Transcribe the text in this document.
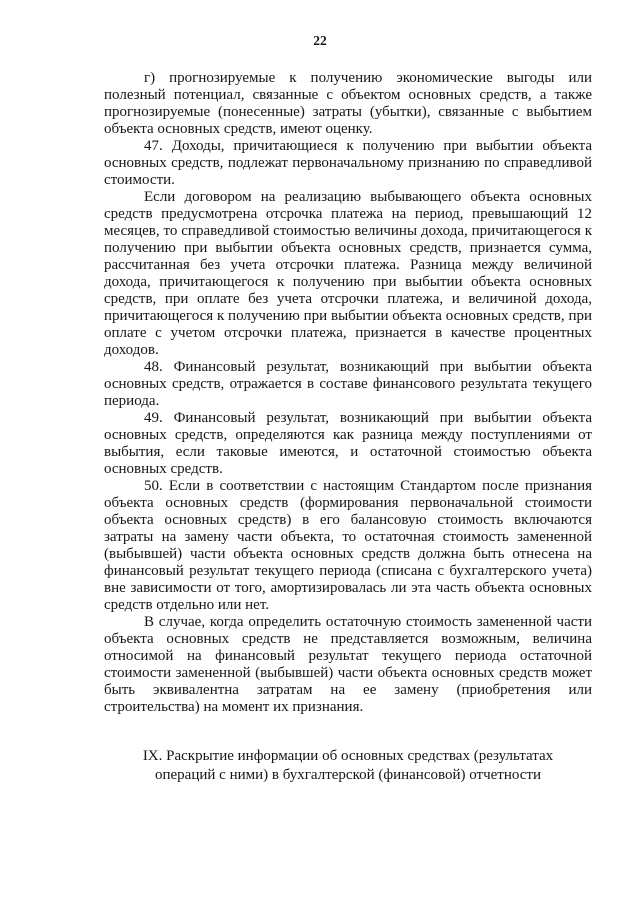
22

г) прогнозируемые к получению экономические выгоды или полезный потенциал, связанные с объектом основных средств, а также прогнозируемые (понесенные) затраты (убытки), связанные с выбытием объекта основных средств, имеют оценку.

47. Доходы, причитающиеся к получению при выбытии объекта основных средств, подлежат первоначальному признанию по справедливой стоимости.

Если договором на реализацию выбывающего объекта основных средств предусмотрена отсрочка платежа на период, превышающий 12 месяцев, то справедливой стоимостью величины дохода, причитающегося к получению при выбытии объекта основных средств, признается сумма, рассчитанная без учета отсрочки платежа. Разница между величиной дохода, причитающегося к получению при выбытии объекта основных средств, при оплате без учета отсрочки платежа, и величиной дохода, причитающегося к получению при выбытии объекта основных средств, при оплате с учетом отсрочки платежа, признается в качестве процентных доходов.

48. Финансовый результат, возникающий при выбытии объекта основных средств, отражается в составе финансового результата текущего периода.

49. Финансовый результат, возникающий при выбытии объекта основных средств, определяются как разница между поступлениями от выбытия, если таковые имеются, и остаточной стоимостью объекта основных средств.

50. Если в соответствии с настоящим Стандартом после признания объекта основных средств (формирования первоначальной стоимости объекта основных средств) в его балансовую стоимость включаются затраты на замену части объекта, то остаточная стоимость замененной (выбывшей) части объекта основных средств должна быть отнесена на финансовый результат текущего периода (списана с бухгалтерского учета) вне зависимости от того, амортизировалась ли эта часть объекта основных средств отдельно или нет.

В случае, когда определить остаточную стоимость замененной части объекта основных средств не представляется возможным, величина относимой на финансовый результат текущего периода остаточной стоимости замененной (выбывшей) части объекта основных средств может быть эквивалентна затратам на ее замену (приобретения или строительства) на момент их признания.

IX. Раскрытие информации об основных средствах (результатах
операций с ними) в бухгалтерской (финансовой) отчетности
